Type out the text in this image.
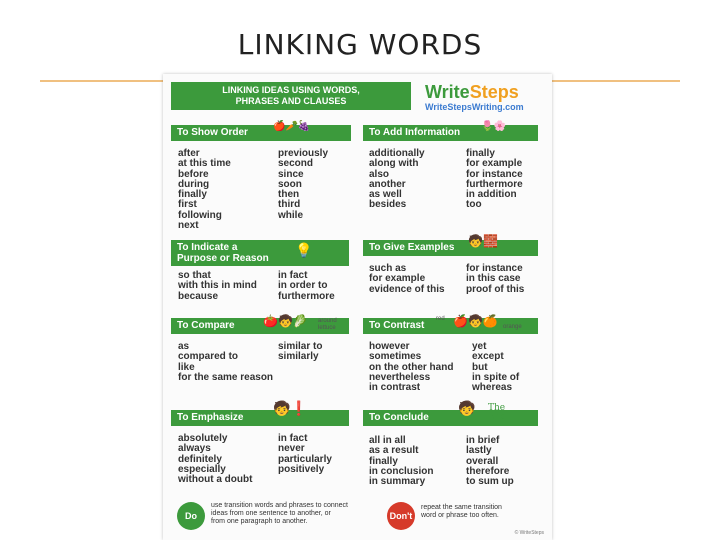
LINKING WORDS
LINKING IDEAS USING WORDS,
PHRASES AND CLAUSES	WriteSteps
WriteStepsWriting.com
To Show Order
🍎🥕🍇
after
at this time
before
during
finally
first
following
next
previously
second
since
soon
then
third
while
To Add Information
🌷🌸
additionally
along with
also
another
as well
besides
finally
for example
for instance
furthermore
in addition
too
To Indicate a
Purpose or Reason
💡
so that
with this in mind
because
in fact
in order to
furthermore
To Give Examples	🧒🧱
such as
for example
evidence of this
for instance
in this case
proof of this
To Compare	🍅🧒🥬 around
lettuce
as
compared to
like
for the same reason
similar to
similarly
To Contrast	🍎🧒🍊
red
orange
however
sometimes
on the other hand
nevertheless
in contrast
yet
except
but
in spite of
whereas
To Emphasize
🧒❗
absolutely
always
definitely
especially
without a doubt
in fact
never
particularly
positively
To Conclude
🧒 The
End
all in all
as a result
finally
in conclusion
in summary
in brief
lastly
overall
therefore
to sum up
Do
use transition words and phrases to connect
ideas from one sentence to another, or
from one paragraph to another.
Don't
repeat the same transition
word or phrase too often.
© WriteSteps
